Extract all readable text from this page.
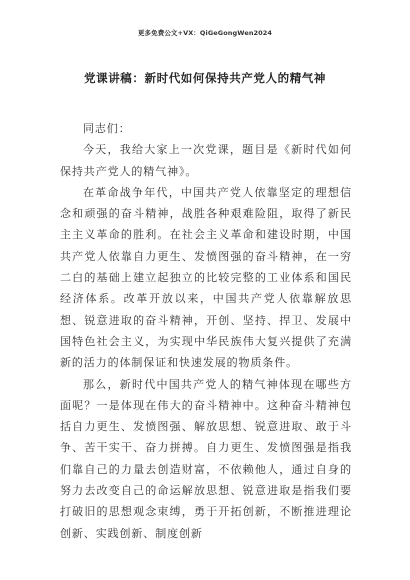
更多免费公文+VX：QiGeGongWen2024
党课讲稿：新时代如何保持共产党人的精气神

同志们：

今天，我给大家上一次党课，题目是《新时代如何保持共产党人的精气神》。

在革命战争年代，中国共产党人依靠坚定的理想信念和顽强的奋斗精神，战胜各种艰难险阻，取得了新民主主义革命的胜利。在社会主义革命和建设时期，中国共产党人依靠自力更生、发愤图强的奋斗精神，在一穷二白的基础上建立起独立的比较完整的工业体系和国民经济体系。改革开放以来，中国共产党人依靠解放思想、锐意进取的奋斗精神，开创、坚持、捍卫、发展中国特色社会主义，为实现中华民族伟大复兴提供了充满新的活力的体制保证和快速发展的物质条件。

那么，新时代中国共产党人的精气神体现在哪些方面呢？一是体现在伟大的奋斗精神中。这种奋斗精神包括自力更生、发愤图强、解放思想、锐意进取、敢于斗争、苦干实干、奋力拼搏。自力更生、发愤图强是指我们靠自己的力量去创造财富，不依赖他人，通过自身的努力去改变自己的命运解放思想、锐意进取是指我们要打破旧的思想观念束缚，勇于开拓创新，不断推进理论创新、实践创新、制度创新
